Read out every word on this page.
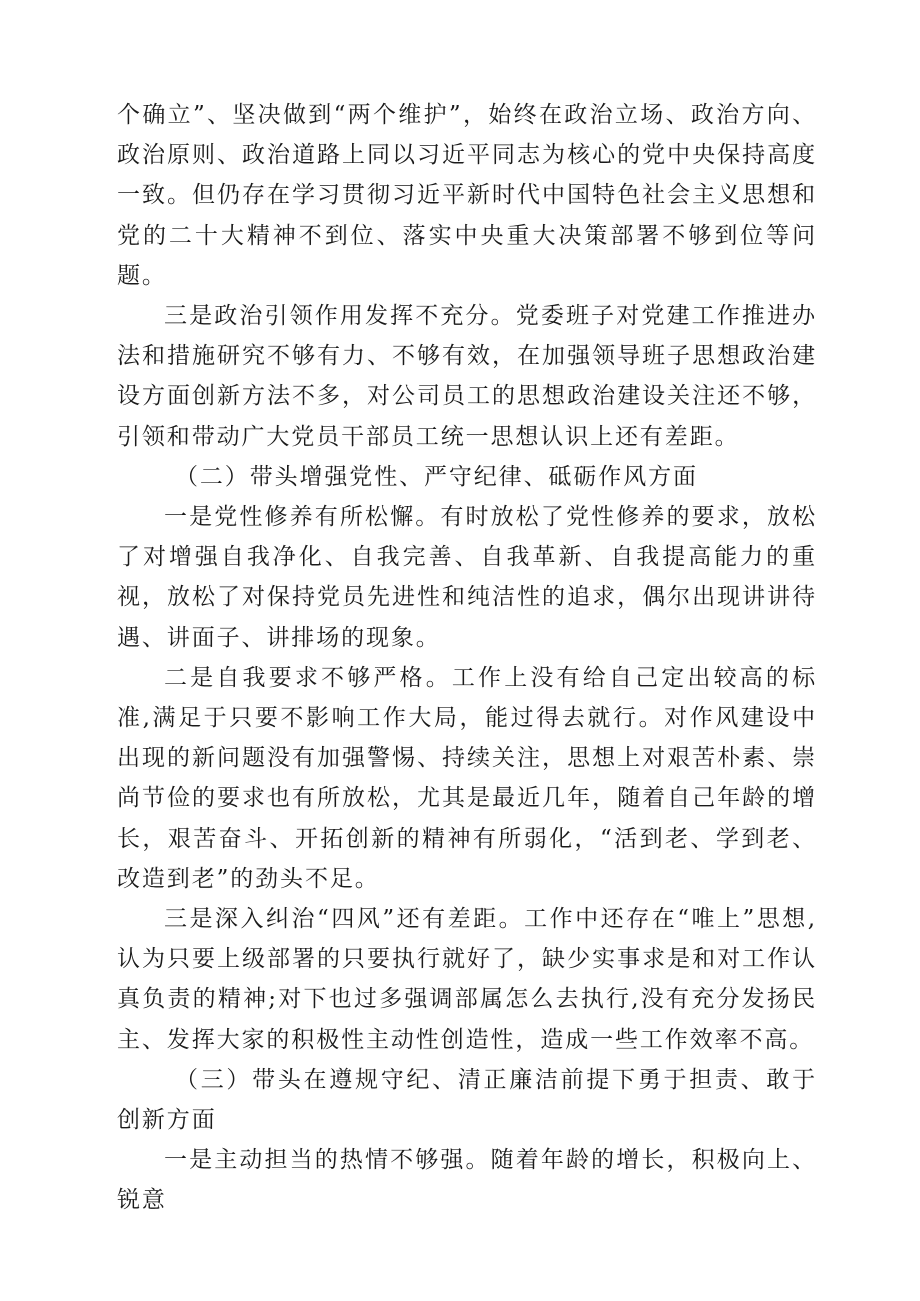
个确立”、坚决做到“两个维护”，始终在政治立场、政治方向、政治原则、政治道路上同以习近平同志为核心的党中央保持高度一致。但仍存在学习贯彻习近平新时代中国特色社会主义思想和党的二十大精神不到位、落实中央重大决策部署不够到位等问题。

三是政治引领作用发挥不充分。党委班子对党建工作推进办法和措施研究不够有力、不够有效，在加强领导班子思想政治建设方面创新方法不多，对公司员工的思想政治建设关注还不够，引领和带动广大党员干部员工统一思想认识上还有差距。

（二）带头增强党性、严守纪律、砥砺作风方面

一是党性修养有所松懈。有时放松了党性修养的要求，放松了对增强自我净化、自我完善、自我革新、自我提高能力的重视，放松了对保持党员先进性和纯洁性的追求，偶尔出现讲讲待遇、讲面子、讲排场的现象。

二是自我要求不够严格。工作上没有给自己定出较高的标准,满足于只要不影响工作大局，能过得去就行。对作风建设中出现的新问题没有加强警惕、持续关注，思想上对艰苦朴素、崇尚节俭的要求也有所放松，尤其是最近几年，随着自己年龄的增长，艰苦奋斗、开拓创新的精神有所弱化，“活到老、学到老、改造到老”的劲头不足。

三是深入纠治“四风”还有差距。工作中还存在“唯上”思想,认为只要上级部署的只要执行就好了，缺少实事求是和对工作认真负责的精神;对下也过多强调部属怎么去执行,没有充分发扬民主、发挥大家的积极性主动性创造性，造成一些工作效率不高。

（三）带头在遵规守纪、清正廉洁前提下勇于担责、敢于创新方面

一是主动担当的热情不够强。随着年龄的增长，积极向上、锐意
